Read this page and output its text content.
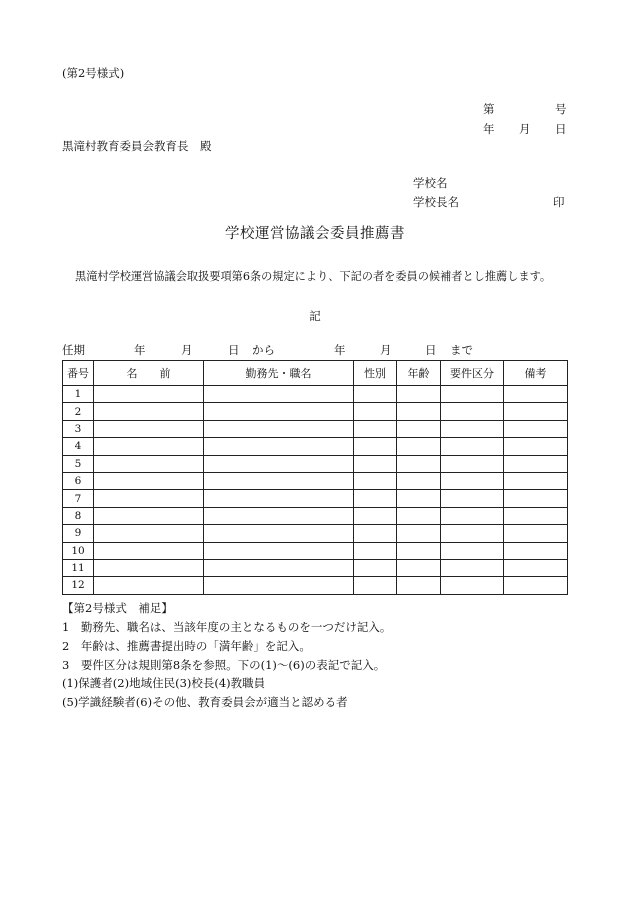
(第2号様式)
第	号
年 月 日
黒滝村教育委員会教育長　殿
学校名
学校長名	印
学校運営協議会委員推薦書
黒滝村学校運営協議会取扱要項第6条の規定により、下記の者を委員の候補者とし推薦します。
記
任期	年	月	日 から	年	月	日 まで
番号	名　　前	勤務先・職名	性別	年齢	要件区分	備考
1						
2						
3						
4						
5						
6						
7						
8						
9						
10						
11						
12						
【第2号様式　補足】
1　勤務先、職名は、当該年度の主となるものを一つだけ記入。
2　年齢は、推薦書提出時の「満年齢」を記入。
3　要件区分は規則第8条を参照。下の(1)～(6)の表記で記入。
(1)保護者(2)地域住民(3)校長(4)教職員
(5)学識経験者(6)その他、教育委員会が適当と認める者
